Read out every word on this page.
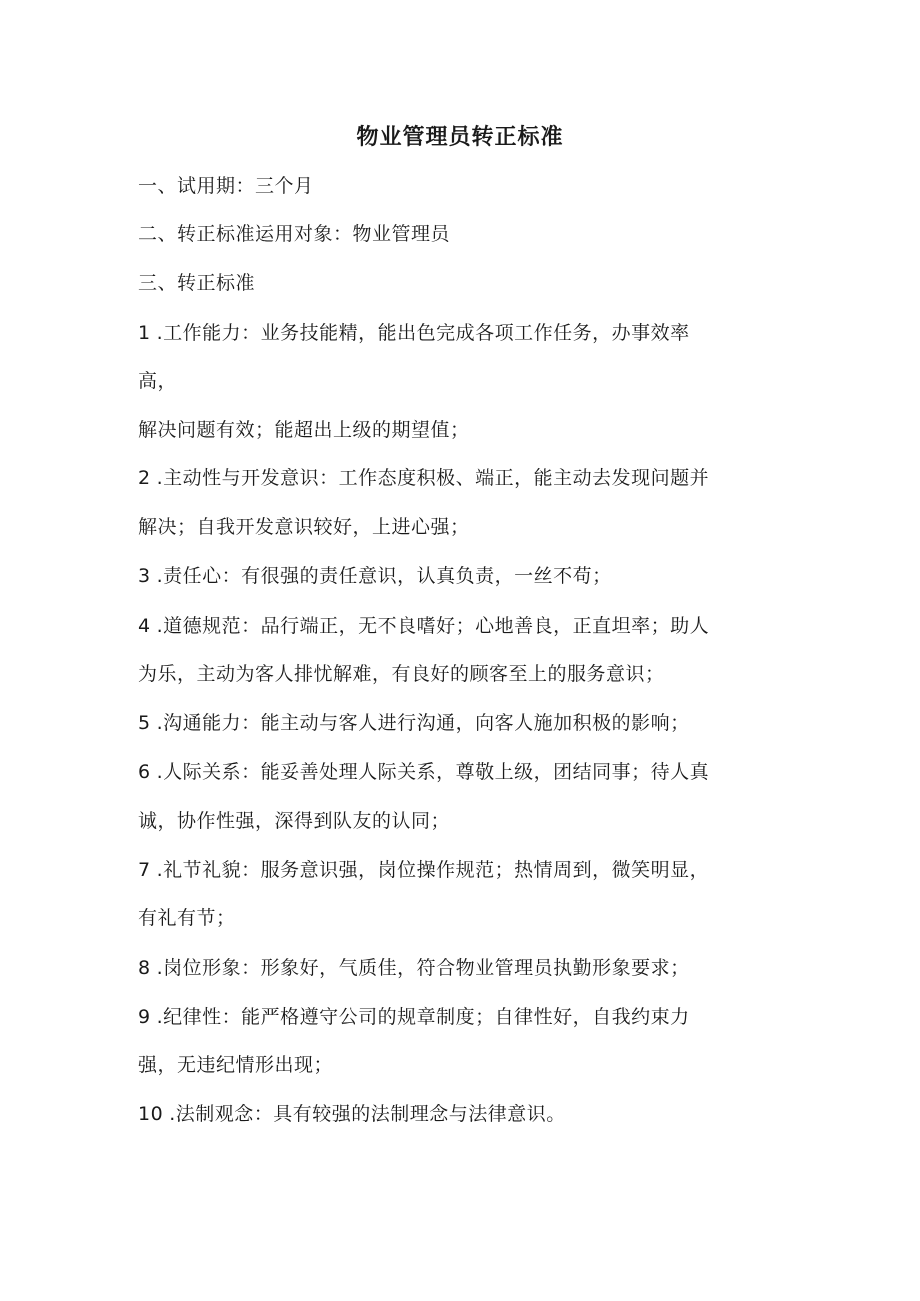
物业管理员转正标准
一、试用期：三个月
二、转正标准运用对象：物业管理员
三、转正标准
1 .工作能力：业务技能精，能出色完成各项工作任务，办事效率
高，
解决问题有效；能超出上级的期望值；
2 .主动性与开发意识：工作态度积极、端正，能主动去发现问题并
解决；自我开发意识较好，上进心强；
3 .责任心：有很强的责任意识，认真负责，一丝不苟；
4 .道德规范：品行端正，无不良嗜好；心地善良，正直坦率；助人
为乐，主动为客人排忧解难，有良好的顾客至上的服务意识；
5 .沟通能力：能主动与客人进行沟通，向客人施加积极的影响；
6 .人际关系：能妥善处理人际关系，尊敬上级，团结同事；待人真
诚，协作性强，深得到队友的认同；
7 .礼节礼貌：服务意识强，岗位操作规范；热情周到，微笑明显，
有礼有节；
8 .岗位形象：形象好，气质佳，符合物业管理员执勤形象要求；
9 .纪律性：能严格遵守公司的规章制度；自律性好，自我约束力
强，无违纪情形出现；
10 .法制观念：具有较强的法制理念与法律意识。
